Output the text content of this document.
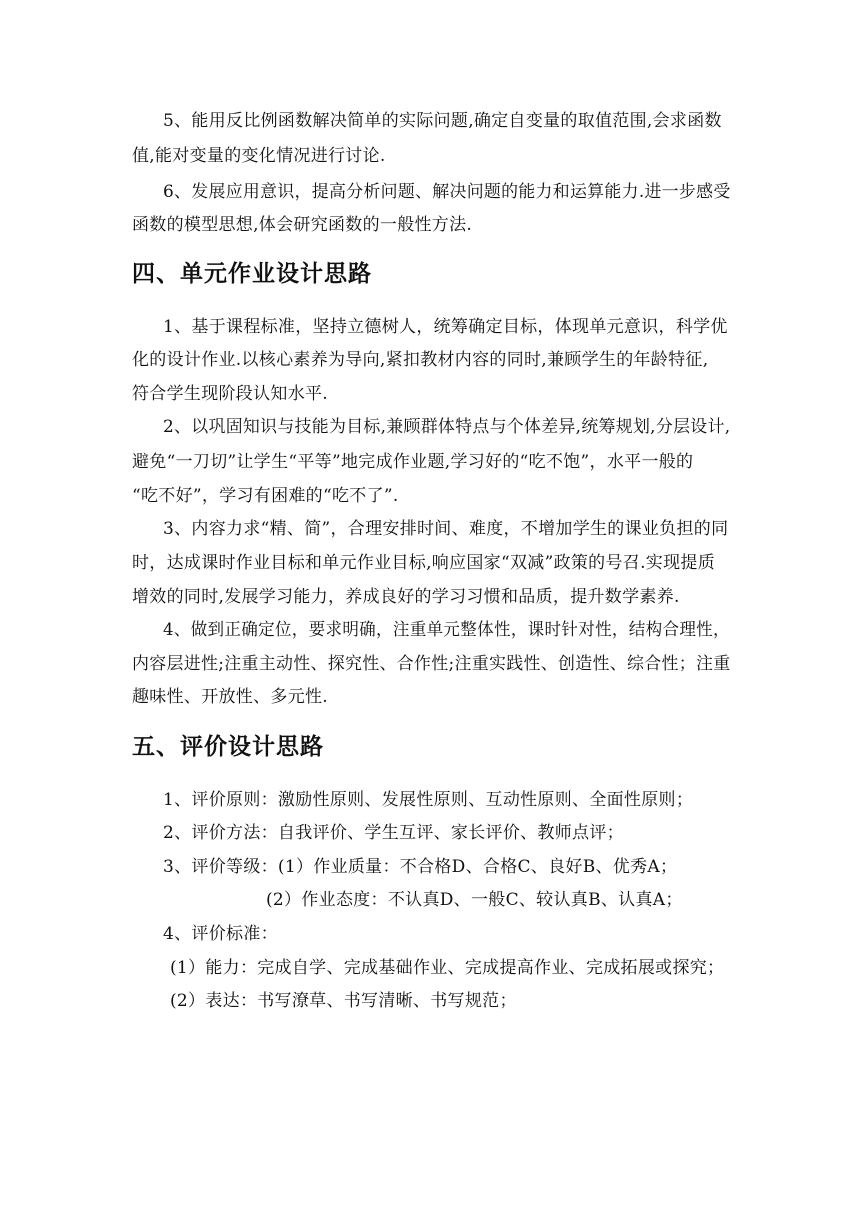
5、能用反比例函数解决简单的实际问题,确定自变量的取值范围,会求函数

值,能对变量的变化情况进行讨论.

6、发展应用意识，提高分析问题、解决问题的能力和运算能力.进一步感受

函数的模型思想,体会研究函数的一般性方法.

四、单元作业设计思路

1、基于课程标准，坚持立德树人，统筹确定目标，体现单元意识，科学优

化的设计作业.以核心素养为导向,紧扣教材内容的同时,兼顾学生的年龄特征,

符合学生现阶段认知水平.

2、以巩固知识与技能为目标,兼顾群体特点与个体差异,统筹规划,分层设计,

避免“一刀切”让学生“平等”地完成作业题,学习好的“吃不饱”，水平一般的

“吃不好”，学习有困难的“吃不了”.

3、内容力求“精、简”，合理安排时间、难度，不增加学生的课业负担的同

时，达成课时作业目标和单元作业目标,响应国家“双减”政策的号召.实现提质

增效的同时,发展学习能力，养成良好的学习习惯和品质，提升数学素养.

4、做到正确定位，要求明确，注重单元整体性，课时针对性，结构合理性，

内容层进性;注重主动性、探究性、合作性;注重实践性、创造性、综合性；注重

趣味性、开放性、多元性.

五、评价设计思路

1、评价原则：激励性原则、发展性原则、互动性原则、全面性原则；

2、评价方法：自我评价、学生互评、家长评价、教师点评；

3、评价等级：(1）作业质量：不合格D、合格C、良好B、优秀A；

(2）作业态度：不认真D、一般C、较认真B、认真A；

4、评价标准：

(1）能力：完成自学、完成基础作业、完成提高作业、完成拓展或探究；

(2）表达：书写潦草、书写清晰、书写规范；
